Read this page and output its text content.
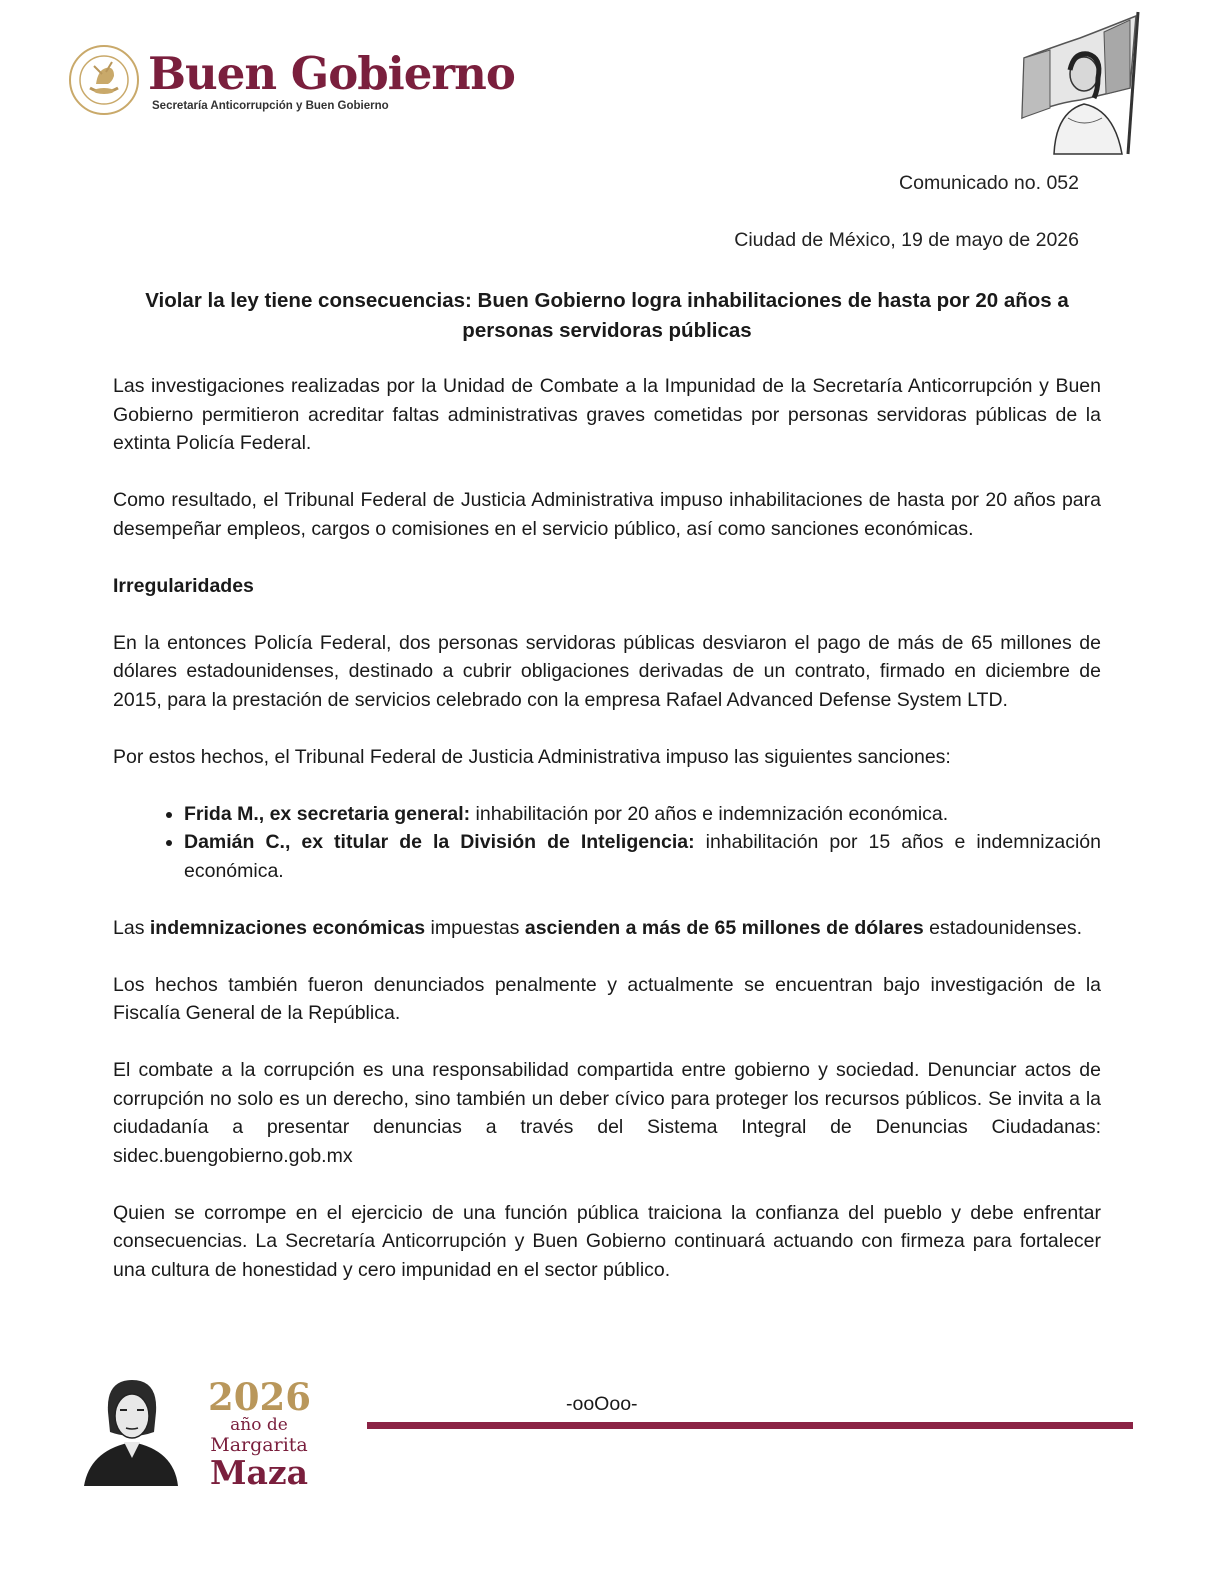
Buen Gobierno
Secretaría Anticorrupción y Buen Gobierno
Comunicado no. 052
Ciudad de México, 19 de mayo de 2026
Violar la ley tiene consecuencias: Buen Gobierno logra inhabilitaciones de hasta por 20 años a personas servidoras públicas

Las investigaciones realizadas por la Unidad de Combate a la Impunidad de la Secretaría Anticorrupción y Buen Gobierno permitieron acreditar faltas administrativas graves cometidas por personas servidoras públicas de la extinta Policía Federal.

Como resultado, el Tribunal Federal de Justicia Administrativa impuso inhabilitaciones de hasta por 20 años para desempeñar empleos, cargos o comisiones en el servicio público, así como sanciones económicas.

Irregularidades

En la entonces Policía Federal, dos personas servidoras públicas desviaron el pago de más de 65 millones de dólares estadounidenses, destinado a cubrir obligaciones derivadas de un contrato, firmado en diciembre de 2015, para la prestación de servicios celebrado con la empresa Rafael Advanced Defense System LTD.

Por estos hechos, el Tribunal Federal de Justicia Administrativa impuso las siguientes sanciones:

• Frida M., ex secretaria general: inhabilitación por 20 años e indemnización económica.
• Damián C., ex titular de la División de Inteligencia: inhabilitación por 15 años e indemnización económica.

Las indemnizaciones económicas impuestas ascienden a más de 65 millones de dólares estadounidenses.

Los hechos también fueron denunciados penalmente y actualmente se encuentran bajo investigación de la Fiscalía General de la República.

El combate a la corrupción es una responsabilidad compartida entre gobierno y sociedad. Denunciar actos de corrupción no solo es un derecho, sino también un deber cívico para proteger los recursos públicos. Se invita a la ciudadanía a presentar denuncias a través del Sistema Integral de Denuncias Ciudadanas: sidec.buengobierno.gob.mx

Quien se corrompe en el ejercicio de una función pública traiciona la confianza del pueblo y debe enfrentar consecuencias. La Secretaría Anticorrupción y Buen Gobierno continuará actuando con firmeza para fortalecer una cultura de honestidad y cero impunidad en el sector público.

2026
año de
Margarita
Maza
-ooOoo-
